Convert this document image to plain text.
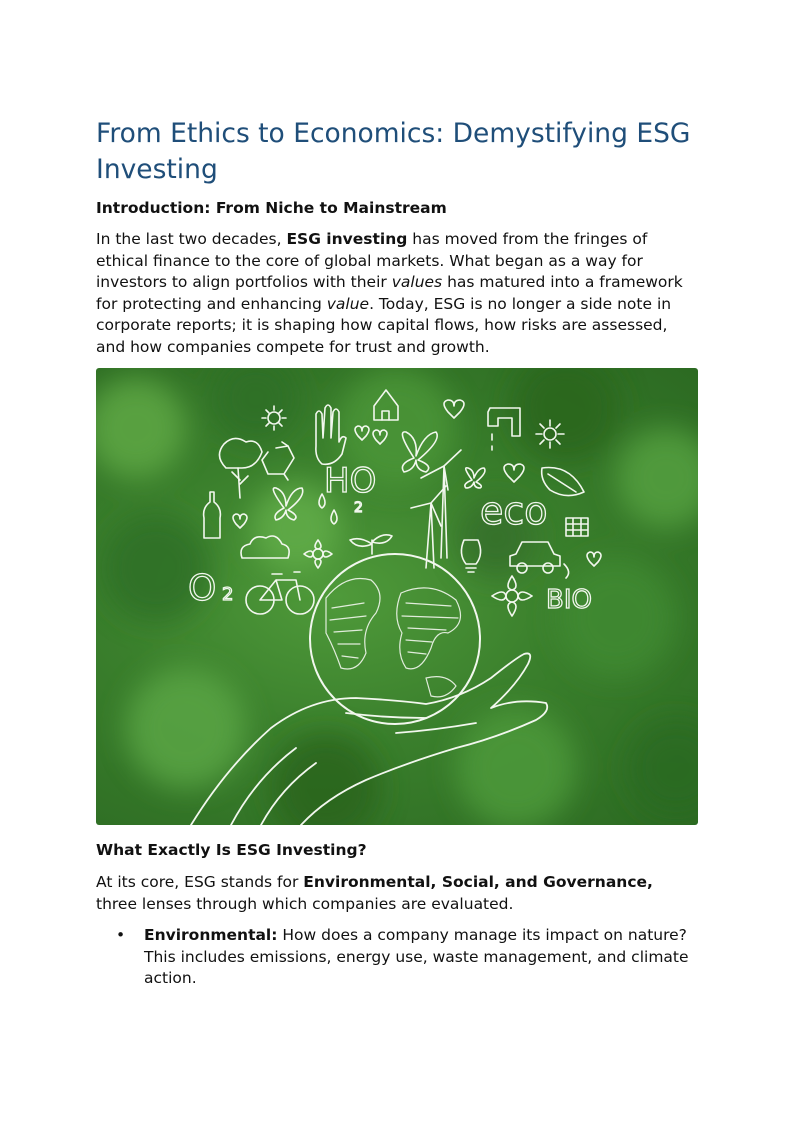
From Ethics to Economics: Demystifying ESG Investing
Introduction: From Niche to Mainstream

In the last two decades, ESG investing has moved from the fringes of ethical finance to the core of global markets. What began as a way for investors to align portfolios with their values has matured into a framework for protecting and enhancing value. Today, ESG is no longer a side note in corporate reports; it is shaping how capital flows, how risks are assessed, and how companies compete for trust and growth.

HO
2
O 2
eco
BIO
What Exactly Is ESG Investing?

At its core, ESG stands for Environmental, Social, and Governance, three lenses through which companies are evaluated.

• Environmental: How does a company manage its impact on nature? This includes emissions, energy use, waste management, and climate action.
